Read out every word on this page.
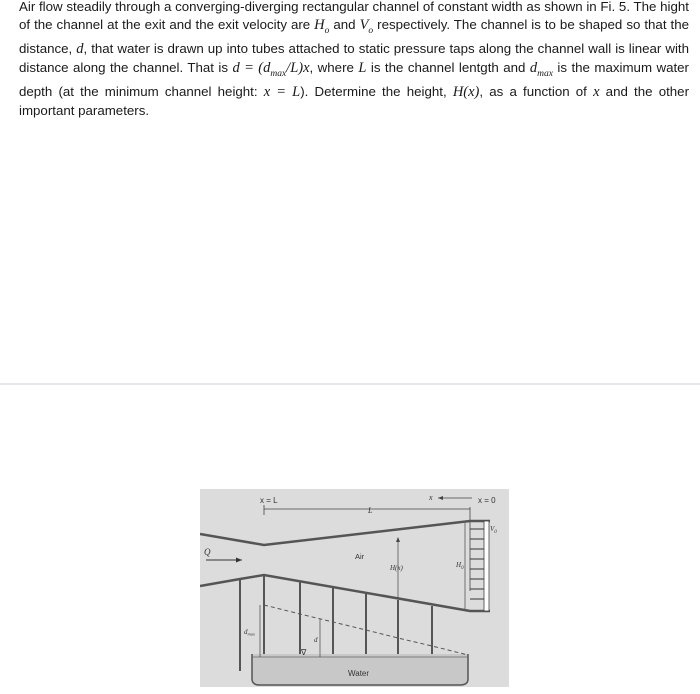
Air flow steadily through a converging-diverging rectangular channel of constant width as shown in Fi. 5. The hight of the channel at the exit and the exit velocity are $H_o$ and $V_o$ respectively. The channel is to be shaped so that the distance, d, that water is drawn up into tubes attached to static pressure taps along the channel wall is linear with distance along the channel. That is $d = (d_{max}/L)x$, where L is the channel lentgth and $d_{max}$ is the maximum water depth (at the minimum channel height: x = L). Determine the height, H(x), as a function of x and the other important parameters.

x = L	x = 0
x
L
Q	Air
H(x)	$H_0$
$V_0$
Water
∇
$d_{max}$
d
